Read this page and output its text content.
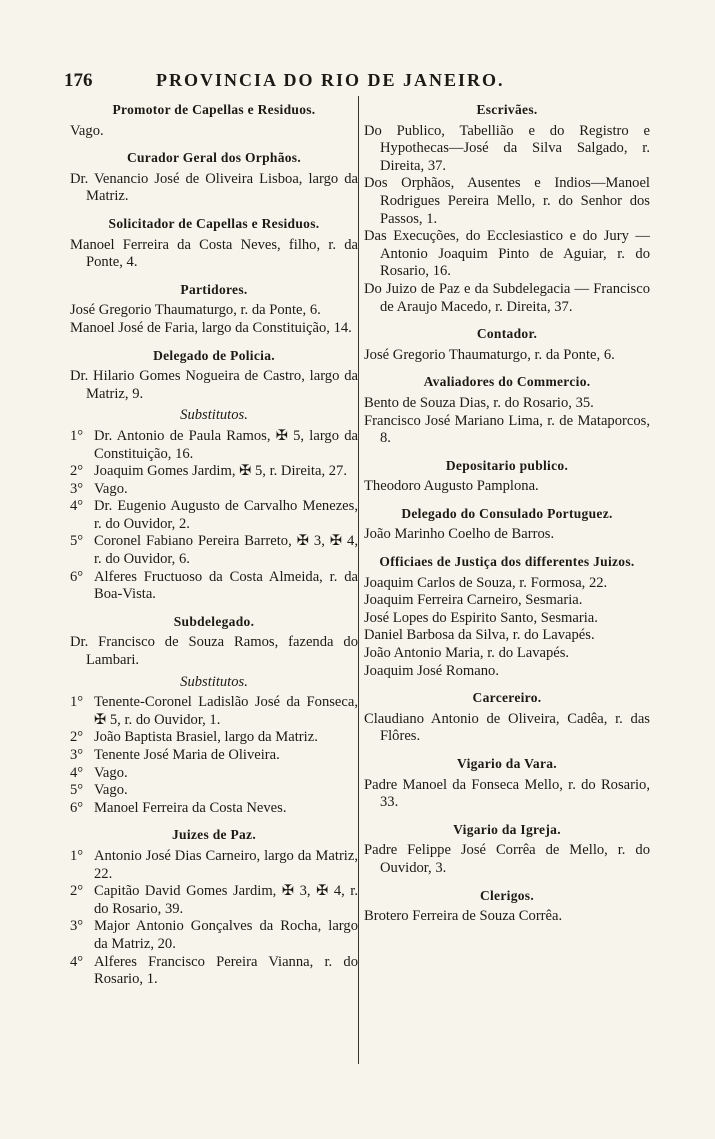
176	PROVINCIA DO RIO DE JANEIRO.
Promotor de Capellas e Residuos.
Vago.
Curador Geral dos Orphãos.
Dr. Venancio José de Oliveira Lisboa, largo da Matriz.
Solicitador de Capellas e Residuos.
Manoel Ferreira da Costa Neves, filho, r. da Ponte, 4.
Partidores.
José Gregorio Thaumaturgo, r. da Ponte, 6.
Manoel José de Faria, largo da Constituição, 14.
Delegado de Policia.
Dr. Hilario Gomes Nogueira de Castro, largo da Matriz, 9.
Substitutos.
1° Dr. Antonio de Paula Ramos, ✠ 5, largo da Constituição, 16.
2° Joaquim Gomes Jardim, ✠ 5, r. Direita, 27.
3° Vago.
4° Dr. Eugenio Augusto de Carvalho Menezes, r. do Ouvidor, 2.
5° Coronel Fabiano Pereira Barreto, ✠ 3, ✠ 4, r. do Ouvidor, 6.
6° Alferes Fructuoso da Costa Almeida, r. da Boa-Vista.
Subdelegado.
Dr. Francisco de Souza Ramos, fazenda do Lambari.
Substitutos.
1° Tenente-Coronel Ladislão José da Fonseca, ✠ 5, r. do Ouvidor, 1.
2° João Baptista Brasiel, largo da Matriz.
3° Tenente José Maria de Oliveira.
4° Vago.
5° Vago.
6° Manoel Ferreira da Costa Neves.
Juizes de Paz.
1° Antonio José Dias Carneiro, largo da Matriz, 22.
2° Capitão David Gomes Jardim, ✠ 3, ✠ 4, r. do Rosario, 39.
3° Major Antonio Gonçalves da Rocha, largo da Matriz, 20.
4° Alferes Francisco Pereira Vianna, r. do Rosario, 1.
Escrivães.
Do Publico, Tabellião e do Registro e Hypothecas—José da Silva Salgado, r. Direita, 37.
Dos Orphãos, Ausentes e Indios—Manoel Rodrigues Pereira Mello, r. do Senhor dos Passos, 1.
Das Execuções, do Ecclesiastico e do Jury — Antonio Joaquim Pinto de Aguiar, r. do Rosario, 16.
Do Juizo de Paz e da Subdelegacia — Francisco de Araujo Macedo, r. Direita, 37.
Contador.
José Gregorio Thaumaturgo, r. da Ponte, 6.
Avaliadores do Commercio.
Bento de Souza Dias, r. do Rosario, 35.
Francisco José Mariano Lima, r. de Mataporcos, 8.
Depositario publico.
Theodoro Augusto Pamplona.
Delegado do Consulado Portuguez.
João Marinho Coelho de Barros.
Officiaes de Justiça dos differentes Juizos.
Joaquim Carlos de Souza, r. Formosa, 22.
Joaquim Ferreira Carneiro, Sesmaria.
José Lopes do Espirito Santo, Sesmaria.
Daniel Barbosa da Silva, r. do Lavapés.
João Antonio Maria, r. do Lavapés.
Joaquim José Romano.
Carcereiro.
Claudiano Antonio de Oliveira, Cadêa, r. das Flôres.
Vigario da Vara.
Padre Manoel da Fonseca Mello, r. do Rosario, 33.
Vigario da Igreja.
Padre Felippe José Corrêa de Mello, r. do Ouvidor, 3.
Clerigos.
Brotero Ferreira de Souza Corrêa.
